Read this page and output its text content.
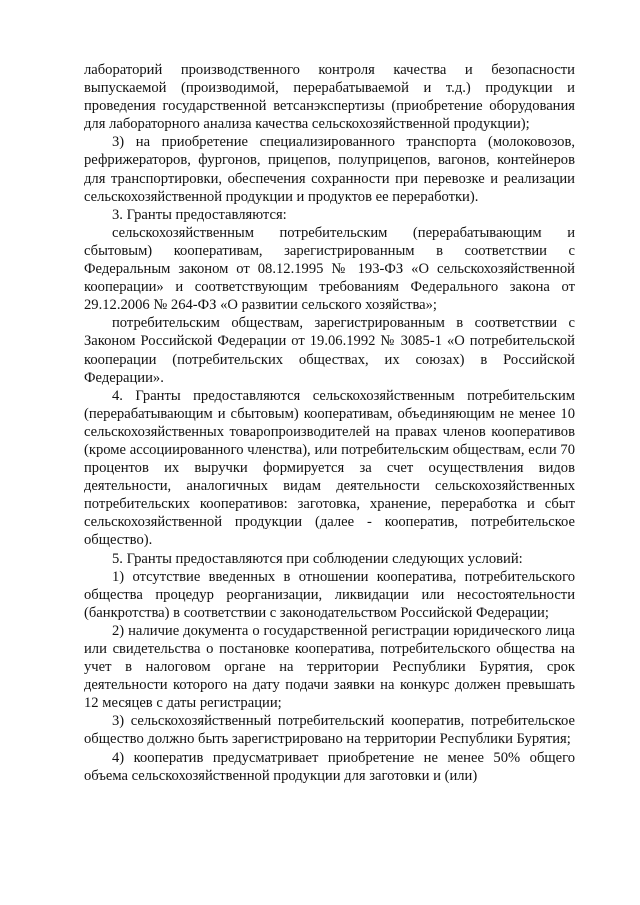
лабораторий производственного контроля качества и безопасности выпускаемой (производимой, перерабатываемой и т.д.) продукции и проведения государственной ветсанэкспертизы (приобретение оборудования для лабораторного анализа качества сельскохозяйственной продукции);

3) на приобретение специализированного транспорта (молоковозов, рефрижераторов, фургонов, прицепов, полуприцепов, вагонов, контейнеров для транспортировки, обеспечения сохранности при перевозке и реализации сельскохозяйственной продукции и продуктов ее переработки).

3. Гранты предоставляются:

сельскохозяйственным потребительским (перерабатывающим и сбытовым) кооперативам, зарегистрированным в соответствии с Федеральным законом от 08.12.1995 № 193-ФЗ «О сельскохозяйственной кооперации» и соответствующим требованиям Федерального закона от 29.12.2006 № 264-ФЗ «О развитии сельского хозяйства»;

потребительским обществам, зарегистрированным в соответствии с Законом Российской Федерации от 19.06.1992 № 3085-1 «О потребительской кооперации (потребительских обществах, их союзах) в Российской Федерации».

4. Гранты предоставляются сельскохозяйственным потребительским (перерабатывающим и сбытовым) кооперативам, объединяющим не менее 10 сельскохозяйственных товаропроизводителей на правах членов кооперативов (кроме ассоциированного членства), или потребительским обществам, если 70 процентов их выручки формируется за счет осуществления видов деятельности, аналогичных видам деятельности сельскохозяйственных потребительских кооперативов: заготовка, хранение, переработка и сбыт сельскохозяйственной продукции (далее - кооператив, потребительское общество).

5. Гранты предоставляются при соблюдении следующих условий:

1) отсутствие введенных в отношении кооператива, потребительского общества процедур реорганизации, ликвидации или несостоятельности (банкротства) в соответствии с законодательством Российской Федерации;

2) наличие документа о государственной регистрации юридического лица или свидетельства о постановке кооператива, потребительского общества на учет в налоговом органе на территории Республики Бурятия, срок деятельности которого на дату подачи заявки на конкурс должен превышать 12 месяцев с даты регистрации;

3) сельскохозяйственный потребительский кооператив, потребительское общество должно быть зарегистрировано на территории Республики Бурятия;

4) кооператив предусматривает приобретение не менее 50% общего объема сельскохозяйственной продукции для заготовки и (или)
